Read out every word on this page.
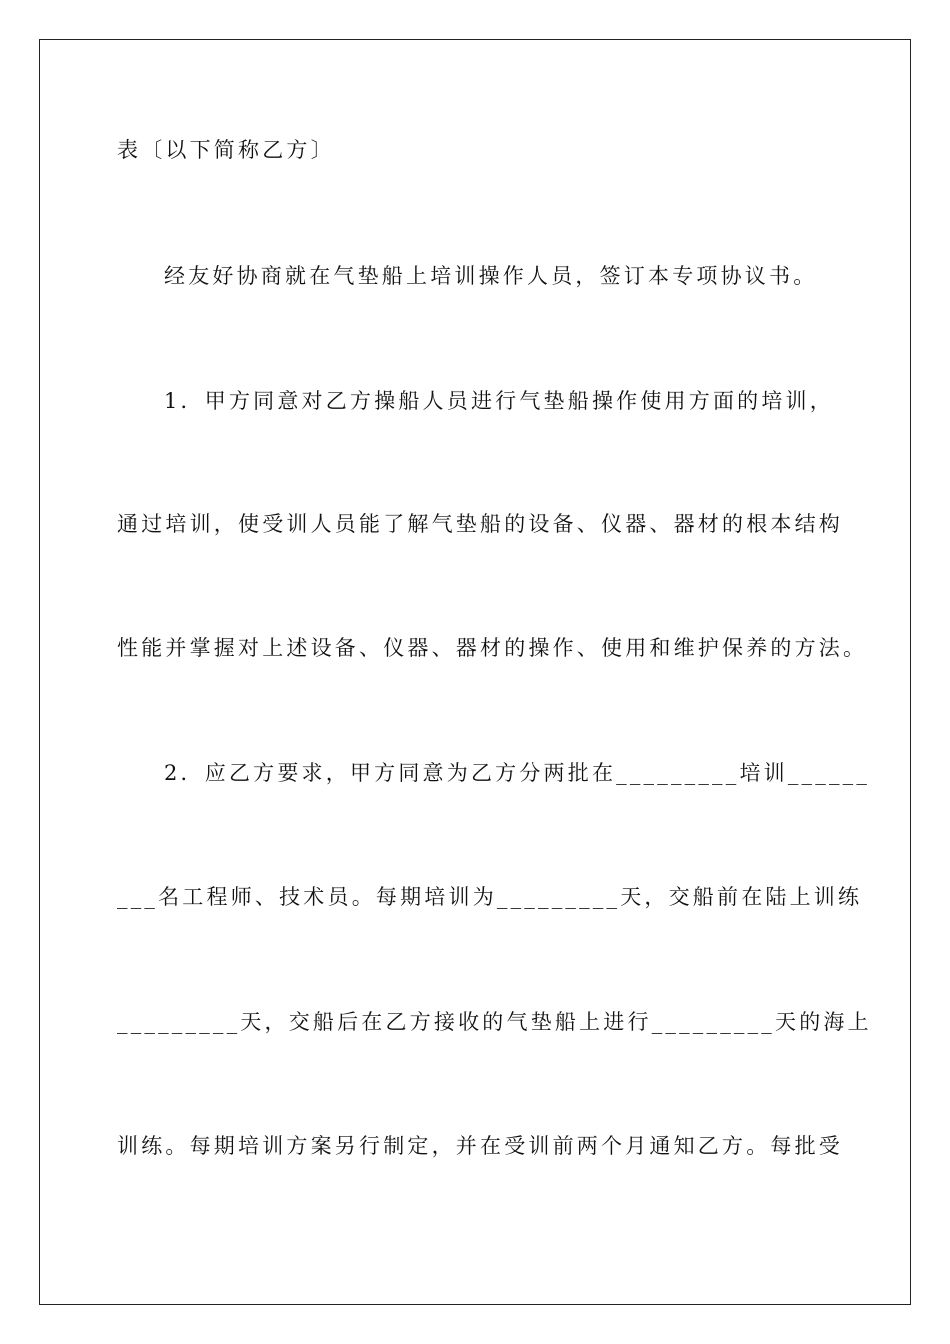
表〔以下简称乙方〕
经友好协商就在气垫船上培训操作人员，签订本专项协议书。
1．甲方同意对乙方操船人员进行气垫船操作使用方面的培训，
通过培训，使受训人员能了解气垫船的设备、仪器、器材的根本结构
性能并掌握对上述设备、仪器、器材的操作、使用和维护保养的方法。
2．应乙方要求，甲方同意为乙方分两批在_________培训______
___名工程师、技术员。每期培训为_________天，交船前在陆上训练
_________天，交船后在乙方接收的气垫船上进行_________天的海上
训练。每期培训方案另行制定，并在受训前两个月通知乙方。每批受
